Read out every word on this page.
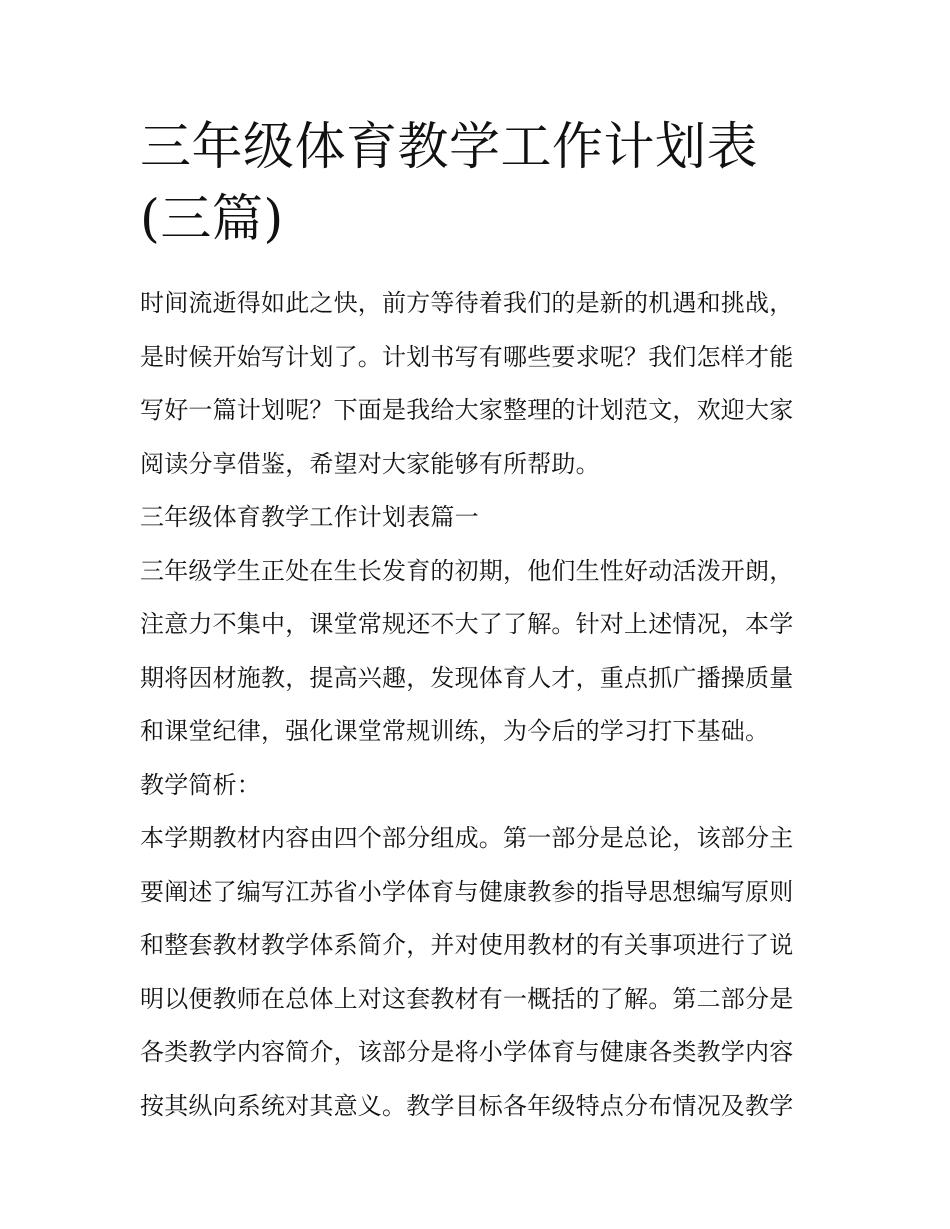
三年级体育教学工作计划表(三篇)

时间流逝得如此之快，前方等待着我们的是新的机遇和挑战，是时候开始写计划了。计划书写有哪些要求呢？我们怎样才能写好一篇计划呢？下面是我给大家整理的计划范文，欢迎大家阅读分享借鉴，希望对大家能够有所帮助。

三年级体育教学工作计划表篇一

三年级学生正处在生长发育的初期，他们生性好动活泼开朗，注意力不集中，课堂常规还不大了了解。针对上述情况，本学期将因材施教，提高兴趣，发现体育人才，重点抓广播操质量和课堂纪律，强化课堂常规训练，为今后的学习打下基础。

教学简析：

本学期教材内容由四个部分组成。第一部分是总论，该部分主要阐述了编写江苏省小学体育与健康教参的指导思想编写原则和整套教材教学体系简介，并对使用教材的有关事项进行了说明以便教师在总体上对这套教材有一概括的了解。第二部分是各类教学内容简介，该部分是将小学体育与健康各类教学内容按其纵向系统对其意义。教学目标各年级特点分布情况及教学
